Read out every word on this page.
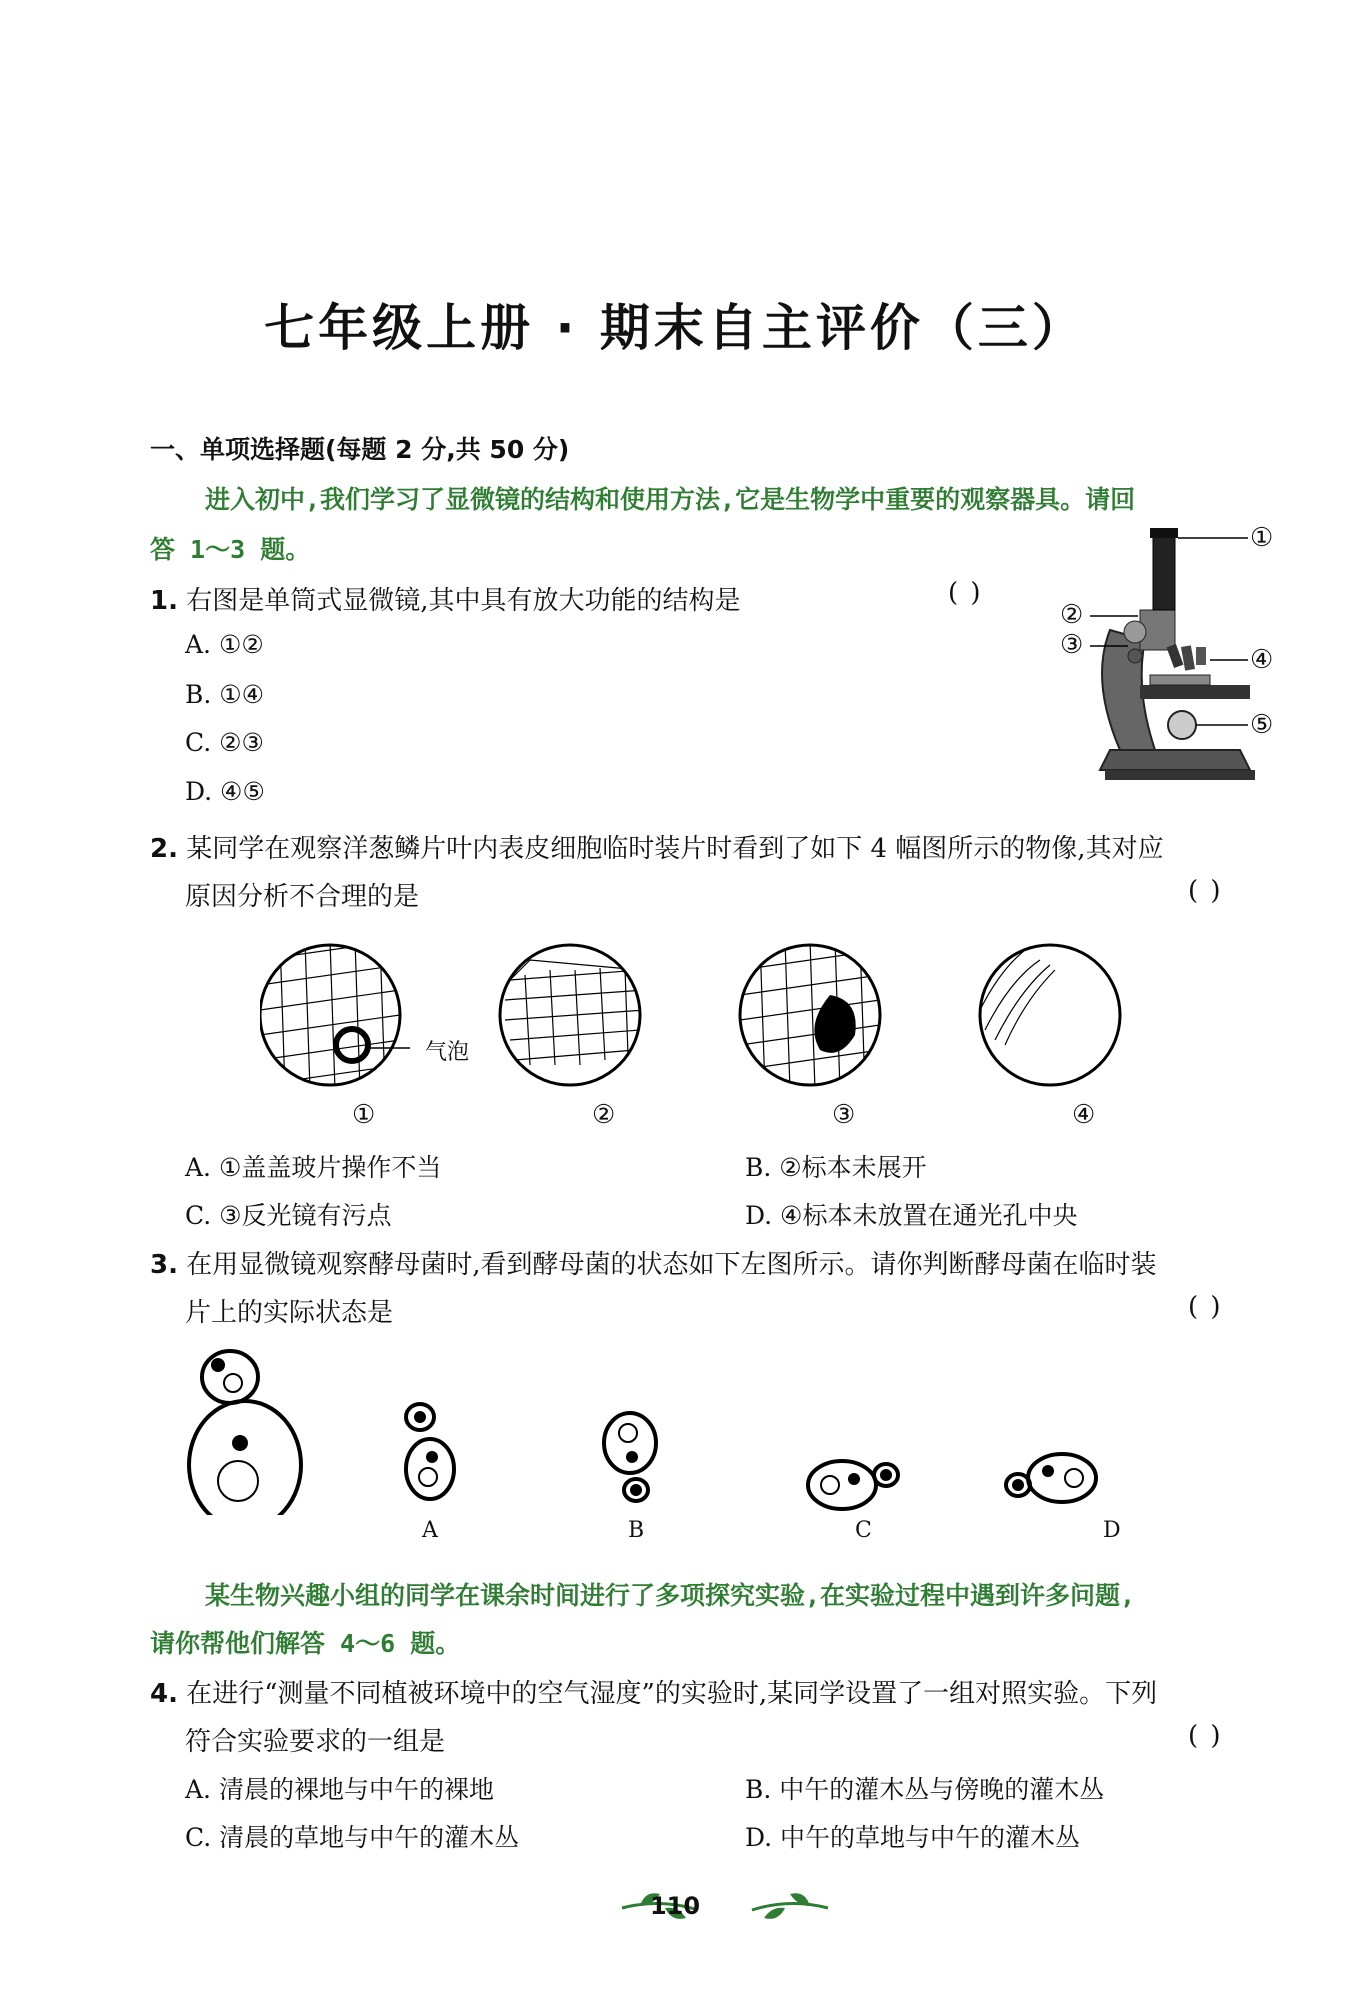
七年级上册 · 期末自主评价（三）
一、单项选择题(每题 2 分,共 50 分)
进入初中,我们学习了显微镜的结构和使用方法,它是生物学中重要的观察器具。请回
答 1～3 题。
1. 右图是单筒式显微镜,其中具有放大功能的结构是	( )
A. ①②
B. ①④
C. ②③
D. ④⑤
①
②
③	④
⑤
2. 某同学在观察洋葱鳞片叶内表皮细胞临时装片时看到了如下 4 幅图所示的物像,其对应
原因分析不合理的是	( )
气泡
①	②	③	④
A. ①盖盖玻片操作不当	B. ②标本未展开
C. ③反光镜有污点	D. ④标本未放置在通光孔中央
3. 在用显微镜观察酵母菌时,看到酵母菌的状态如下左图所示。请你判断酵母菌在临时装
片上的实际状态是	( )
A	B	C	D
某生物兴趣小组的同学在课余时间进行了多项探究实验,在实验过程中遇到许多问题,
请你帮他们解答 4～6 题。
4. 在进行“测量不同植被环境中的空气湿度”的实验时,某同学设置了一组对照实验。下列
符合实验要求的一组是	( )
A. 清晨的裸地与中午的裸地	B. 中午的灌木丛与傍晚的灌木丛
C. 清晨的草地与中午的灌木丛	D. 中午的草地与中午的灌木丛
110
